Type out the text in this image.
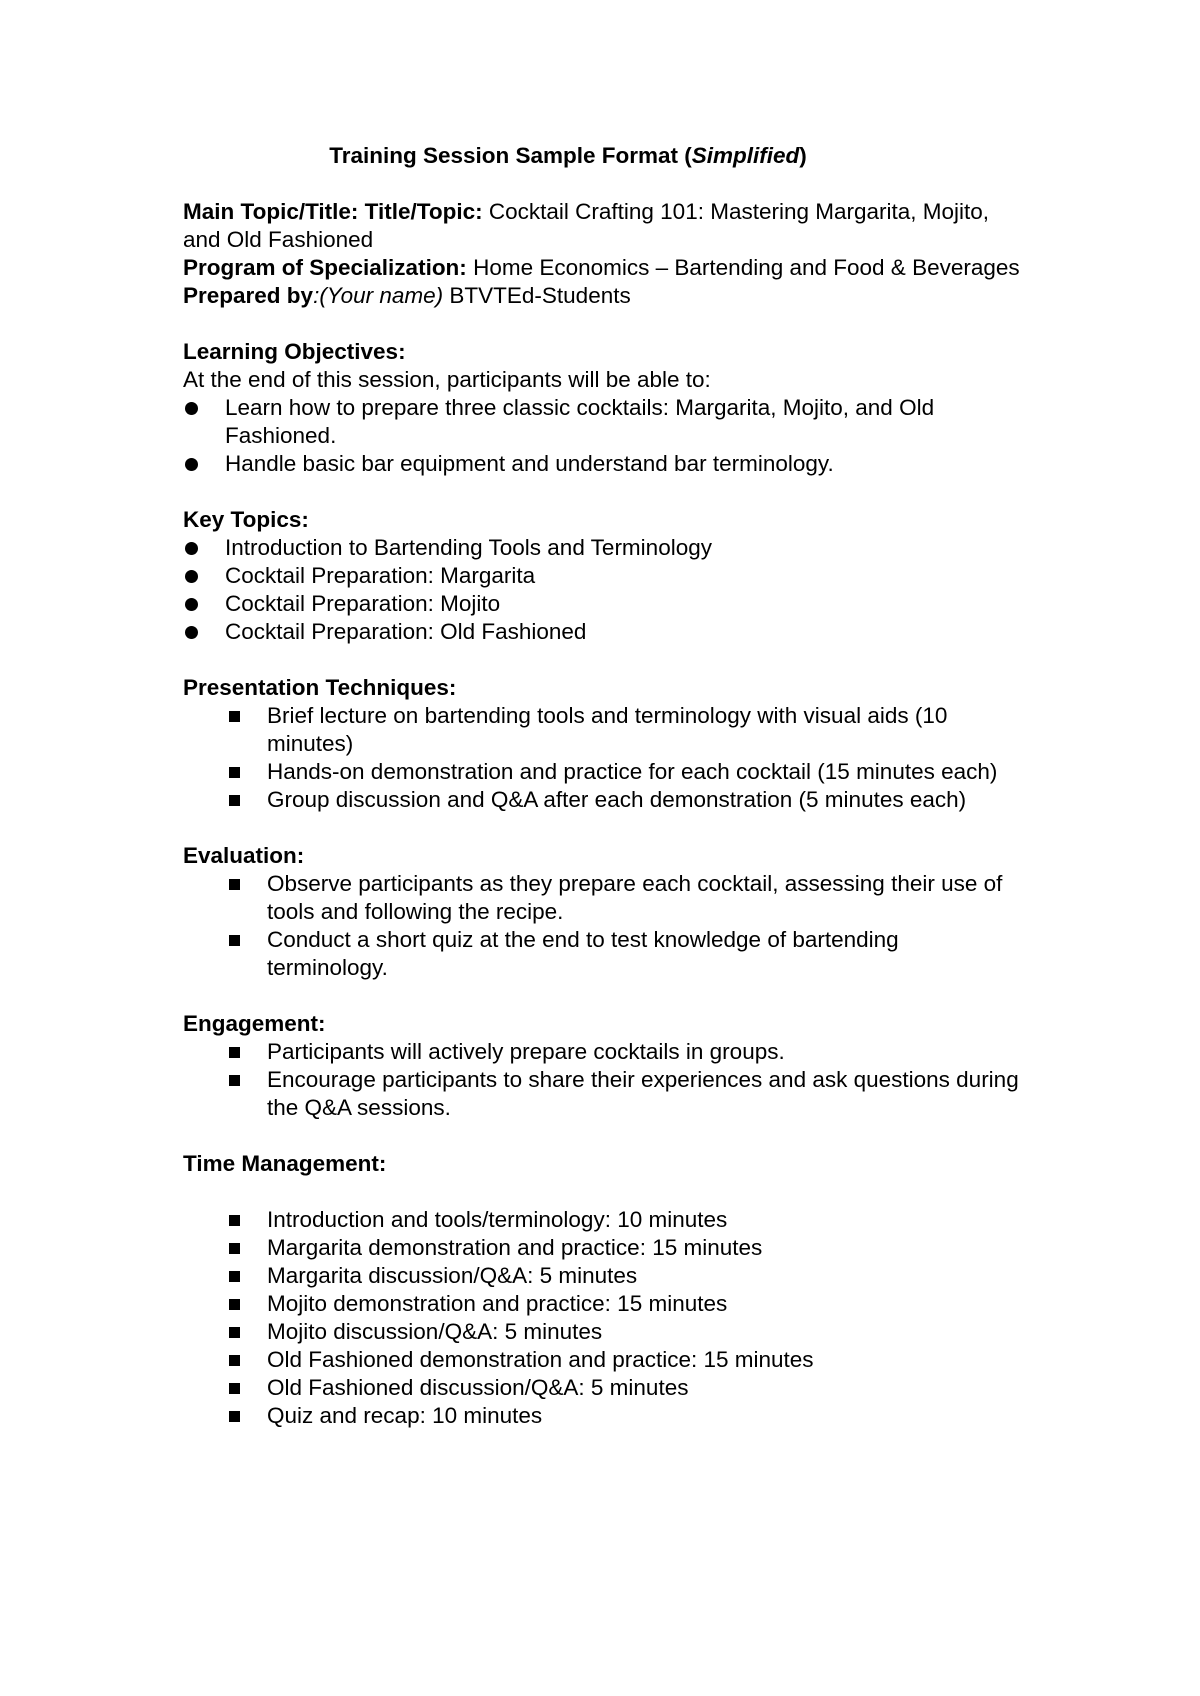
Training Session Sample Format (Simplified)

Main Topic/Title: Title/Topic: Cocktail Crafting 101: Mastering Margarita, Mojito, and Old Fashioned

Program of Specialization: Home Economics – Bartending and Food & Beverages

Prepared by:(Your name) BTVTEd-Students

Learning Objectives:

At the end of this session, participants will be able to:

Learn how to prepare three classic cocktails: Margarita, Mojito, and Old Fashioned.
Handle basic bar equipment and understand bar terminology.

Key Topics:

Introduction to Bartending Tools and Terminology
Cocktail Preparation: Margarita
Cocktail Preparation: Mojito
Cocktail Preparation: Old Fashioned

Presentation Techniques:

Brief lecture on bartending tools and terminology with visual aids (10 minutes)
Hands-on demonstration and practice for each cocktail (15 minutes each)
Group discussion and Q&A after each demonstration (5 minutes each)

Evaluation:

Observe participants as they prepare each cocktail, assessing their use of tools and following the recipe.
Conduct a short quiz at the end to test knowledge of bartending terminology.

Engagement:

Participants will actively prepare cocktails in groups.
Encourage participants to share their experiences and ask questions during the Q&A sessions.

Time Management:

Introduction and tools/terminology: 10 minutes
Margarita demonstration and practice: 15 minutes
Margarita discussion/Q&A: 5 minutes
Mojito demonstration and practice: 15 minutes
Mojito discussion/Q&A: 5 minutes
Old Fashioned demonstration and practice: 15 minutes
Old Fashioned discussion/Q&A: 5 minutes
Quiz and recap: 10 minutes
